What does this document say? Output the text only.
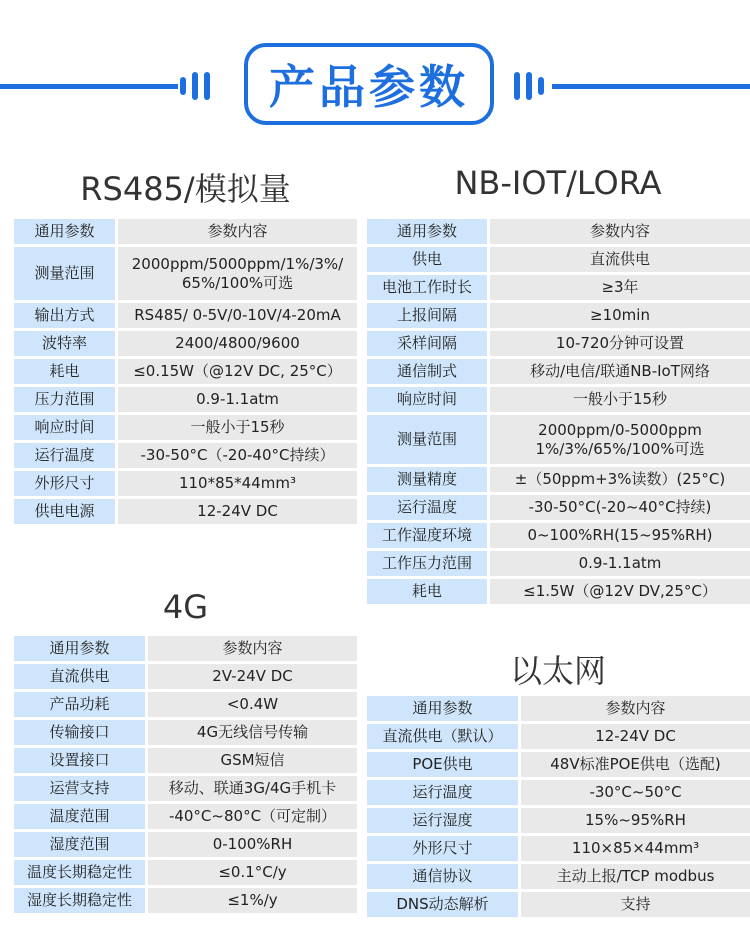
产品参数
RS485/模拟量	NB-IOT/LORA
4G
以太网
通用参数	参数内容
测量范围	2000ppm/5000ppm/1%/3%/
65%/100%可选
输出方式	RS485/ 0-5V/0-10V/4-20mA
波特率	2400/4800/9600
耗电	≤0.15W（@12V DC, 25°C）
压力范围	0.9-1.1atm
响应时间	一般小于15秒
运行温度	-30-50°C（-20-40°C持续）
外形尺寸	110*85*44mm³
供电电源	12-24V DC
通用参数	参数内容
供电	直流供电
电池工作时长	≥3年
上报间隔	≥10min
采样间隔	10-720分钟可设置
通信制式	移动/电信/联通NB-IoT网络
响应时间	一般小于15秒
测量范围	2000ppm/0-5000ppm
1%/3%/65%/100%可选
测量精度	±（50ppm+3%读数）(25°C)
运行温度	-30-50°C(-20~40°C持续)
工作湿度环境	0~100%RH(15~95%RH)
工作压力范围	0.9-1.1atm
耗电	≤1.5W（@12V DV,25°C）
通用参数	参数内容
直流供电	2V-24V DC
产品功耗	<0.4W
传输接口	4G无线信号传输
设置接口	GSM短信
运营支持	移动、联通3G/4G手机卡
温度范围	-40°C~80°C（可定制）
湿度范围	0-100%RH
温度长期稳定性	≤0.1°C/y
湿度长期稳定性	≤1%/y
通用参数	参数内容
直流供电（默认）	12-24V DC
POE供电	48V标准POE供电（选配)
运行温度	-30°C~50°C
运行湿度	15%~95%RH
外形尺寸	110×85×44mm³
通信协议	主动上报/TCP modbus
DNS动态解析	支持
